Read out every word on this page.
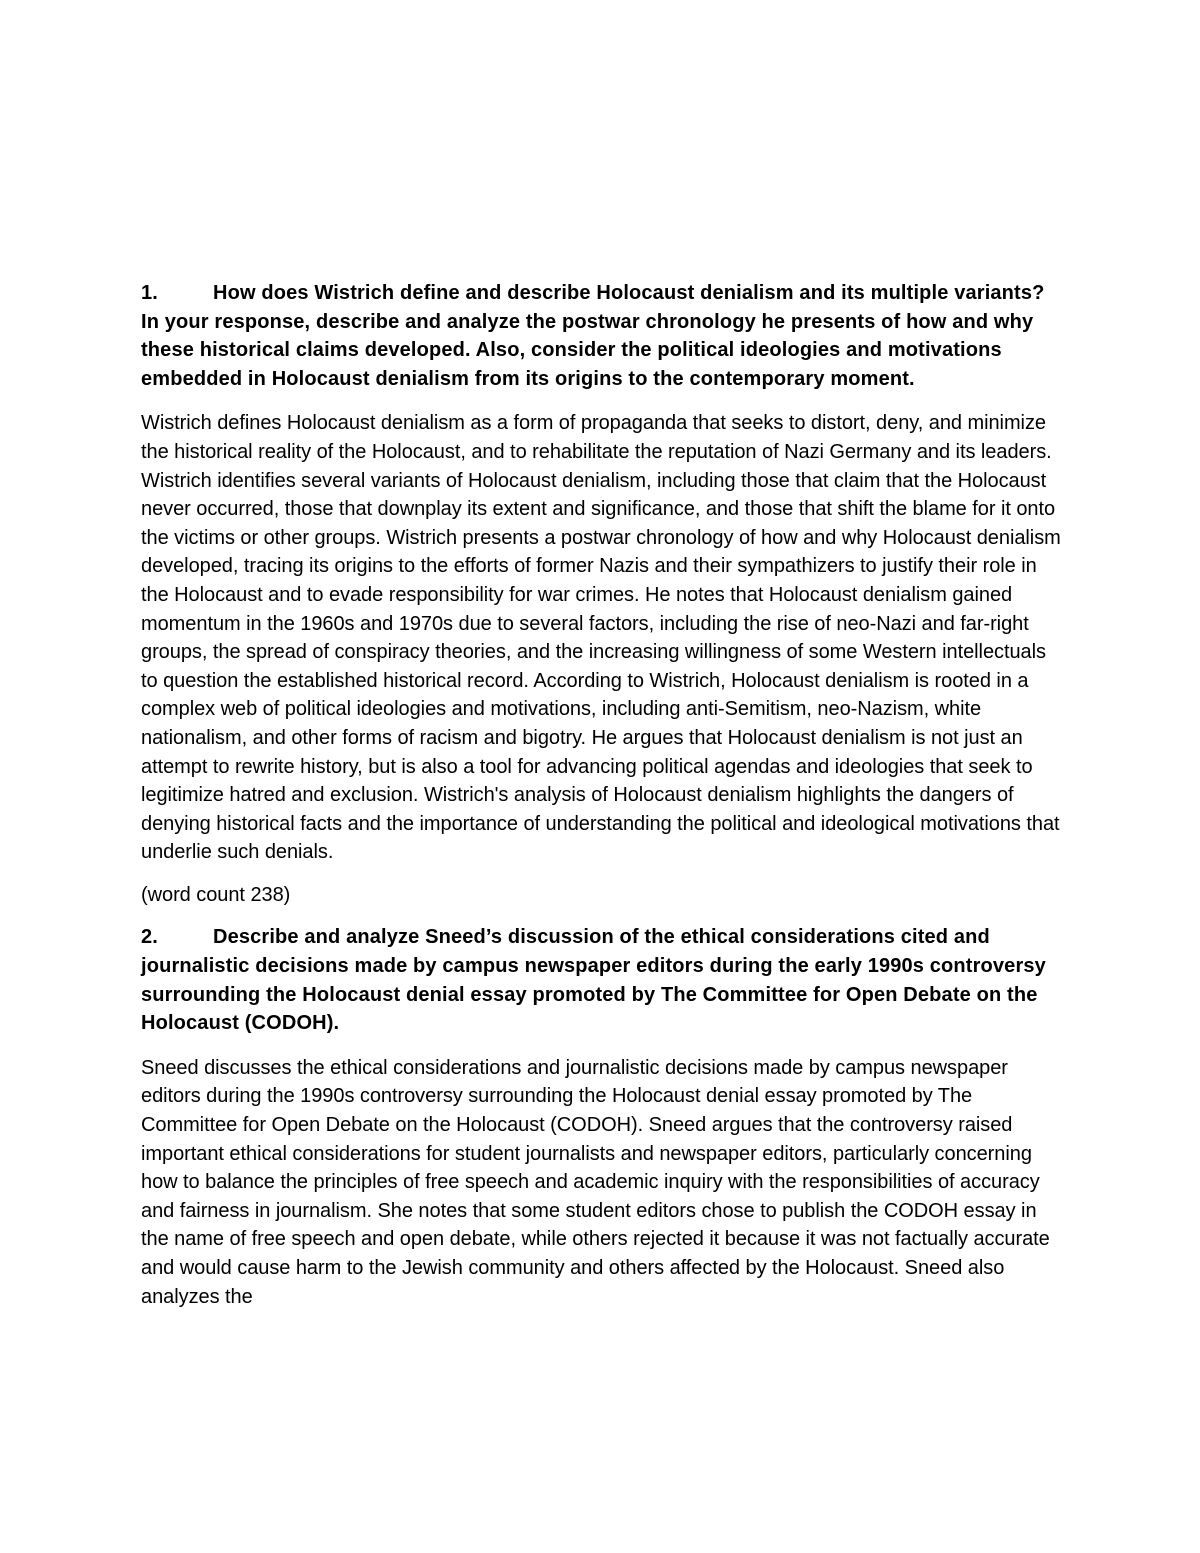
1.	How does Wistrich define and describe Holocaust denialism and its multiple variants? In your response, describe and analyze the postwar chronology he presents of how and why these historical claims developed. Also, consider the political ideologies and motivations embedded in Holocaust denialism from its origins to the contemporary moment.

Wistrich defines Holocaust denialism as a form of propaganda that seeks to distort, deny, and minimize the historical reality of the Holocaust, and to rehabilitate the reputation of Nazi Germany and its leaders. Wistrich identifies several variants of Holocaust denialism, including those that claim that the Holocaust never occurred, those that downplay its extent and significance, and those that shift the blame for it onto the victims or other groups. Wistrich presents a postwar chronology of how and why Holocaust denialism developed, tracing its origins to the efforts of former Nazis and their sympathizers to justify their role in the Holocaust and to evade responsibility for war crimes. He notes that Holocaust denialism gained momentum in the 1960s and 1970s due to several factors, including the rise of neo-Nazi and far-right groups, the spread of conspiracy theories, and the increasing willingness of some Western intellectuals to question the established historical record. According to Wistrich, Holocaust denialism is rooted in a complex web of political ideologies and motivations, including anti-Semitism, neo-Nazism, white nationalism, and other forms of racism and bigotry. He argues that Holocaust denialism is not just an attempt to rewrite history, but is also a tool for advancing political agendas and ideologies that seek to legitimize hatred and exclusion. Wistrich's analysis of Holocaust denialism highlights the dangers of denying historical facts and the importance of understanding the political and ideological motivations that underlie such denials.

(word count 238)

2.	Describe and analyze Sneed’s discussion of the ethical considerations cited and journalistic decisions made by campus newspaper editors during the early 1990s controversy surrounding the Holocaust denial essay promoted by The Committee for Open Debate on the Holocaust (CODOH).

Sneed discusses the ethical considerations and journalistic decisions made by campus newspaper editors during the 1990s controversy surrounding the Holocaust denial essay promoted by The Committee for Open Debate on the Holocaust (CODOH). Sneed argues that the controversy raised important ethical considerations for student journalists and newspaper editors, particularly concerning how to balance the principles of free speech and academic inquiry with the responsibilities of accuracy and fairness in journalism. She notes that some student editors chose to publish the CODOH essay in the name of free speech and open debate, while others rejected it because it was not factually accurate and would cause harm to the Jewish community and others affected by the Holocaust. Sneed also analyzes the
